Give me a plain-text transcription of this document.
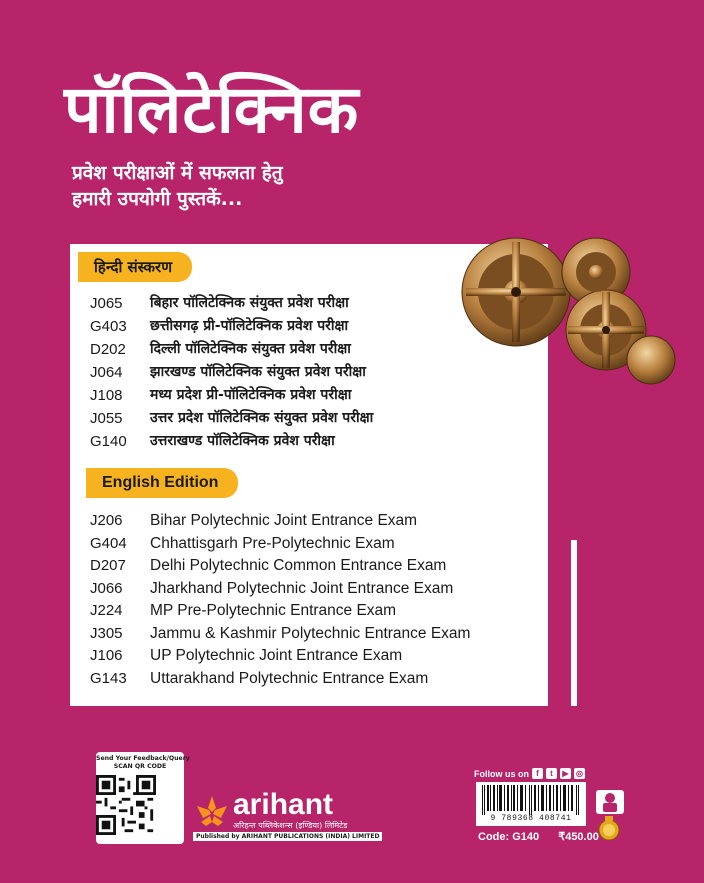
पॉलिटेक्निक
प्रवेश परीक्षाओं में सफलता हेतु
हमारी उपयोगी पुस्तकें...
हिन्दी संस्करण
J065	बिहार पॉलिटेक्निक संयुक्त प्रवेश परीक्षा
G403	छत्तीसगढ़ प्री-पॉलिटेक्निक प्रवेश परीक्षा
D202	दिल्ली पॉलिटेक्निक संयुक्त प्रवेश परीक्षा
J064	झारखण्ड पॉलिटेक्निक संयुक्त प्रवेश परीक्षा
J108	मध्य प्रदेश प्री-पॉलिटेक्निक प्रवेश परीक्षा
J055	उत्तर प्रदेश पॉलिटेक्निक संयुक्त प्रवेश परीक्षा
G140	उत्तराखण्ड पॉलिटेक्निक प्रवेश परीक्षा
English Edition
J206	Bihar Polytechnic Joint Entrance Exam
G404	Chhattisgarh Pre-Polytechnic Exam
D207	Delhi Polytechnic Common Entrance Exam
J066	Jharkhand Polytechnic Joint Entrance Exam
J224	MP Pre-Polytechnic Entrance Exam
J305	Jammu & Kashmir Polytechnic Entrance Exam
J106	UP Polytechnic Joint Entrance Exam
G143	Uttarakhand Polytechnic Entrance Exam
Send Your Feedback/Query
SCAN QR CODE
arihant
अरिहन्त पब्लिकेशन्स (इण्डिया) लिमिटेड
Published by ARIHANT PUBLICATIONS (INDIA) LIMITED
Follow us on f	t	▶ ◎
9 789368 408741
Code: G140 ₹450.00
